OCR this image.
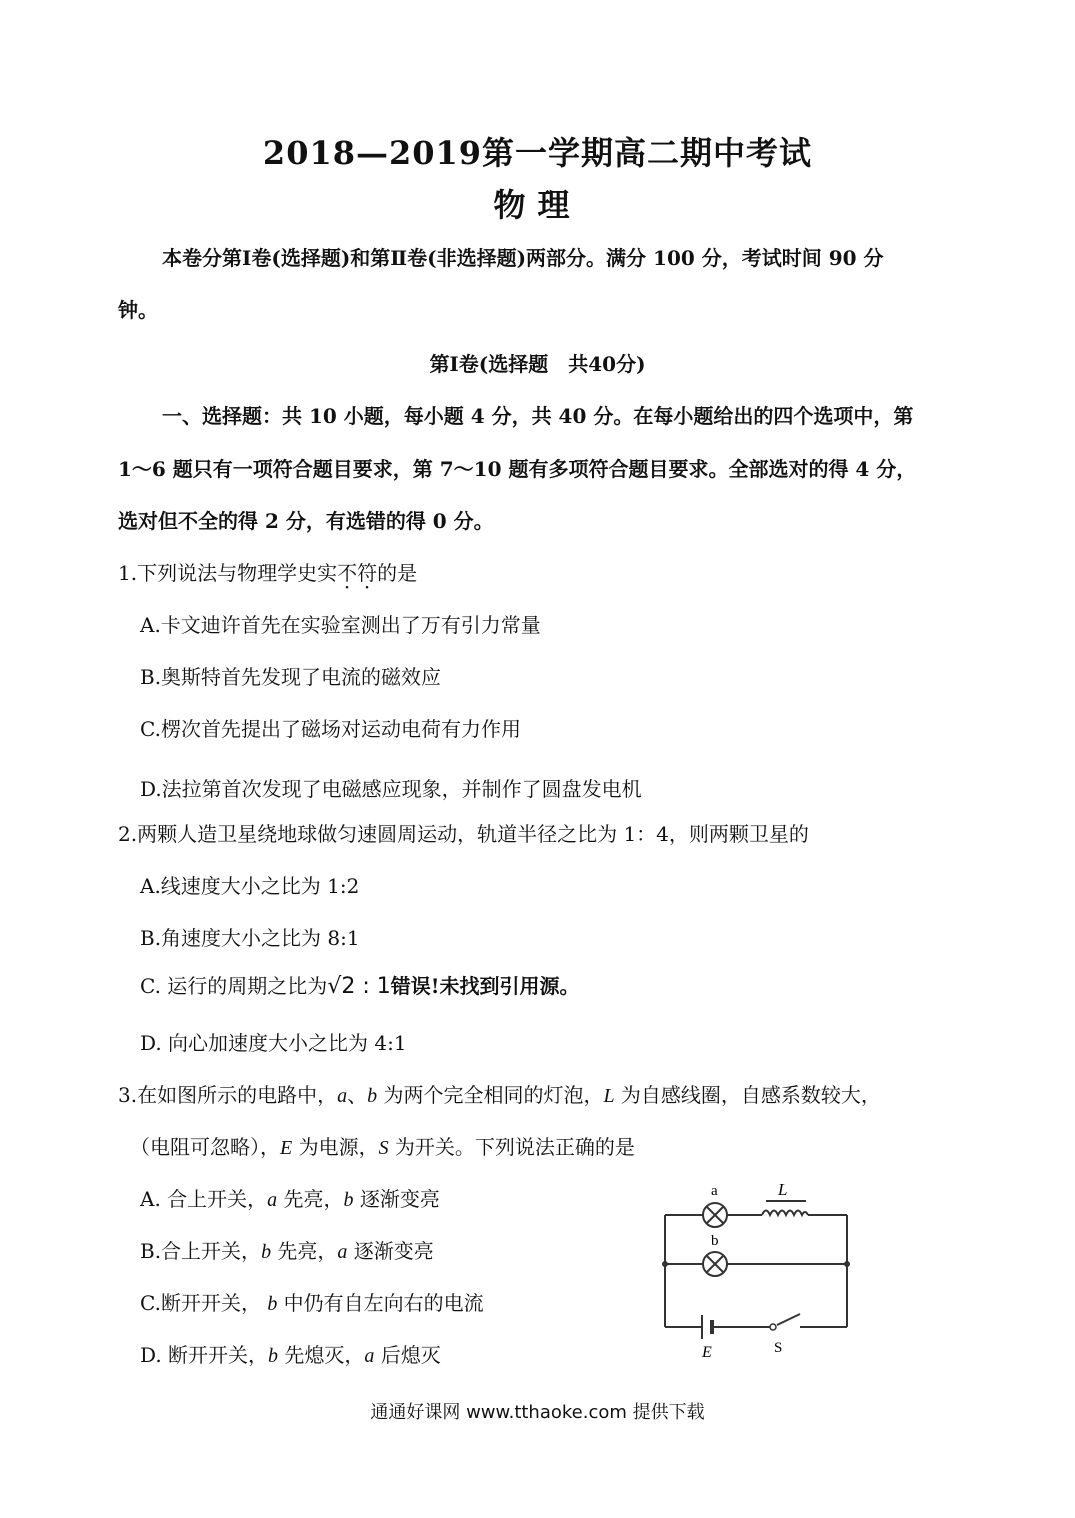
2018—2019第一学期高二期中考试
物理
本卷分第Ⅰ卷(选择题)和第Ⅱ卷(非选择题)两部分。满分 100 分，考试时间 90 分
钟。
第Ⅰ卷(选择题　共40分)
一、选择题：共 10 小题，每小题 4 分，共 40 分。在每小题给出的四个选项中，第
1～6 题只有一项符合题目要求，第 7～10 题有多项符合题目要求。全部选对的得 4 分，
选对但不全的得 2 分，有选错的得 0 分。
1.下列说法与物理学史实不符的是
A.卡文迪许首先在实验室测出了万有引力常量
B.奥斯特首先发现了电流的磁效应
C.楞次首先提出了磁场对运动电荷有力作用
D.法拉第首次发现了电磁感应现象，并制作了圆盘发电机
2.两颗人造卫星绕地球做匀速圆周运动，轨道半径之比为 1：4，则两颗卫星的
A.线速度大小之比为 1:2
B.角速度大小之比为 8:1
C. 运行的周期之比为√2 : 1错误!未找到引用源。
D. 向心加速度大小之比为 4:1
3.在如图所示的电路中，a、b 为两个完全相同的灯泡，L 为自感线圈，自感系数较大，
（电阻可忽略），E 为电源，S 为开关。下列说法正确的是
A. 合上开关，a 先亮，b 逐渐变亮
B.合上开关，b 先亮，a 逐渐变亮
C.断开开关， b 中仍有自左向右的电流
D. 断开开关，b 先熄灭，a 后熄灭
a
b
L
E	S
通通好课网 www.tthaoke.com 提供下载
